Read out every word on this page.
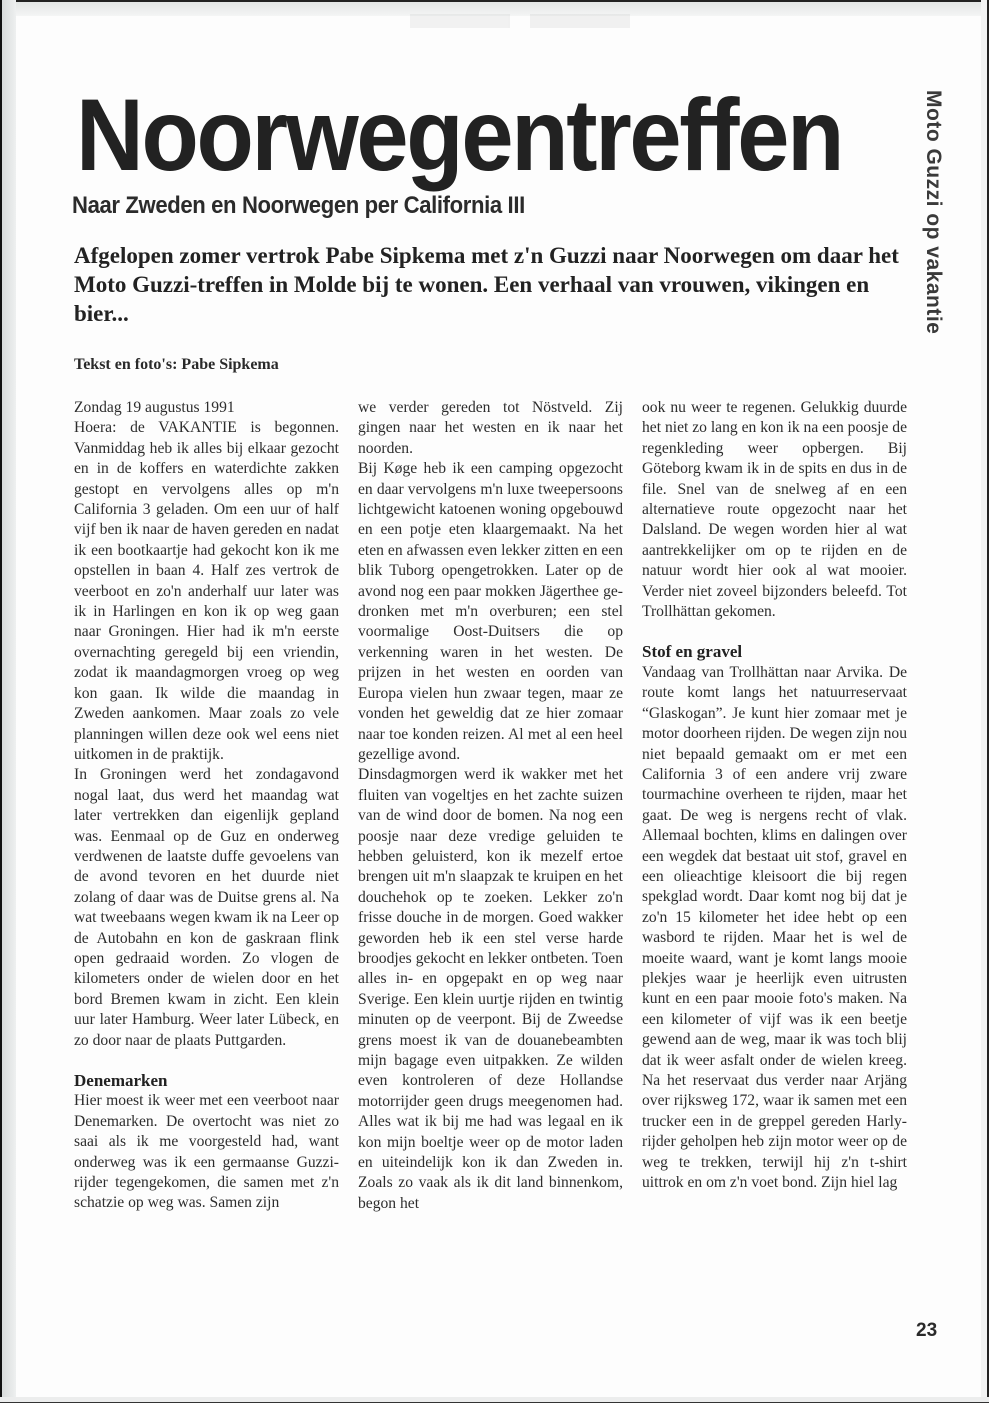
Noorwegentreffen
Naar Zweden en Noorwegen per California III

Afgelopen zomer vertrok Pabe Sipkema met z'n Guzzi naar Noorwegen om daar het Moto Guzzi-treffen in Molde bij te wonen. Een verhaal van vrouwen, vikingen en bier...

Tekst en foto's: Pabe Sipkema

Moto Guzzi op vakantie

Zondag 19 augustus 1991

Hoera: de VAKANTIE is begonnen. Vanmiddag heb ik alles bij elkaar gezocht en in de koffers en waterdichte zakken gestopt en vervolgens alles op m'n California 3 geladen. Om een uur of half vijf ben ik naar de haven gereden en nadat ik een bootkaartje had gekocht kon ik me opstellen in baan 4. Half zes vertrok de veerboot en zo'n anderhalf uur later was ik in Harlingen en kon ik op weg gaan naar Groningen. Hier had ik m'n eerste overnachting geregeld bij een vriendin, zodat ik maandagmorgen vroeg op weg kon gaan. Ik wilde die maandag in Zweden aankomen. Maar zoals zo vele planningen willen deze ook wel eens niet uitkomen in de praktijk.

In Groningen werd het zondagavond nogal laat, dus werd het maandag wat later vertrekken dan eigenlijk gepland was. Eenmaal op de Guz en onderweg verdwenen de laatste duffe gevoelens van de avond tevoren en het duurde niet zolang of daar was de Duitse grens al. Na wat tweebaans wegen kwam ik na Leer op de Autobahn en kon de gaskraan flink open gedraaid worden. Zo vlogen de kilometers onder de wielen door en het bord Bremen kwam in zicht. Een klein uur later Hamburg. Weer later Lübeck, en zo door naar de plaats Puttgarden.

Denemarken

Hier moest ik weer met een veerboot naar Denemarken. De overtocht was niet zo saai als ik me voorgesteld had, want onderweg was ik een germaanse Guzzi-rijder tegengekomen, die samen met z'n schatzie op weg was. Samen zijn

we verder gereden tot Nöstveld. Zij gingen naar het westen en ik naar het noorden.

Bij Køge heb ik een camping opgezocht en daar vervolgens m'n luxe tweepersoons lichtgewicht katoenen woning opgebouwd en een potje eten klaargemaakt. Na het eten en afwassen even lekker zitten en een blik Tuborg opengetrokken. Later op de avond nog een paar mokken Jägerthee gedronken met m'n overburen; een stel voormalige Oost-Duitsers die op verkenning waren in het westen. De prijzen in het westen en oorden van Europa vielen hun zwaar tegen, maar ze vonden het geweldig dat ze hier zomaar naar toe konden reizen. Al met al een heel gezellige avond.

Dinsdagmorgen werd ik wakker met het fluiten van vogeltjes en het zachte suizen van de wind door de bomen. Na nog een poosje naar deze vredige geluiden te hebben geluisterd, kon ik mezelf ertoe brengen uit m'n slaapzak te kruipen en het douchehok op te zoeken. Lekker zo'n frisse douche in de morgen. Goed wakker geworden heb ik een stel verse harde broodjes gekocht en lekker ontbeten. Toen alles in- en opgepakt en op weg naar Sverige. Een klein uurtje rijden en twintig minuten op de veerpont. Bij de Zweedse grens moest ik van de douanebeambten mijn bagage even uitpakken. Ze wilden even kontroleren of deze Hollandse motorrijder geen drugs meegenomen had. Alles wat ik bij me had was legaal en ik kon mijn boeltje weer op de motor laden en uiteindelijk kon ik dan Zweden in. Zoals zo vaak als ik dit land binnenkom, begon het

ook nu weer te regenen. Gelukkig duurde het niet zo lang en kon ik na een poosje de regenkleding weer opbergen. Bij Göteborg kwam ik in de spits en dus in de file. Snel van de snelweg af en een alternatieve route opgezocht naar het Dalsland. De wegen worden hier al wat aantrekkelijker om op te rijden en de natuur wordt hier ook al wat mooier. Verder niet zoveel bijzonders beleefd. Tot Trollhättan gekomen.

Stof en gravel

Vandaag van Trollhättan naar Arvika. De route komt langs het natuurreservaat “Glaskogan”. Je kunt hier zomaar met je motor doorheen rijden. De wegen zijn nou niet bepaald gemaakt om er met een California 3 of een andere vrij zware tourmachine overheen te rijden, maar het gaat. De weg is nergens recht of vlak. Allemaal bochten, klims en dalingen over een wegdek dat bestaat uit stof, gravel en een olieachtige kleisoort die bij regen spekglad wordt. Daar komt nog bij dat je zo'n 15 kilometer het idee hebt op een wasbord te rijden. Maar het is wel de moeite waard, want je komt langs mooie plekjes waar je heerlijk even uitrusten kunt en een paar mooie foto's maken. Na een kilometer of vijf was ik een beetje gewend aan de weg, maar ik was toch blij dat ik weer asfalt onder de wielen kreeg. Na het reservaat dus verder naar Arjäng over rijksweg 172, waar ik samen met een trucker een in de greppel gereden Harly-rijder geholpen heb zijn motor weer op de weg te trekken, terwijl hij z'n t-shirt uittrok en om z'n voet bond. Zijn hiel lag

23
